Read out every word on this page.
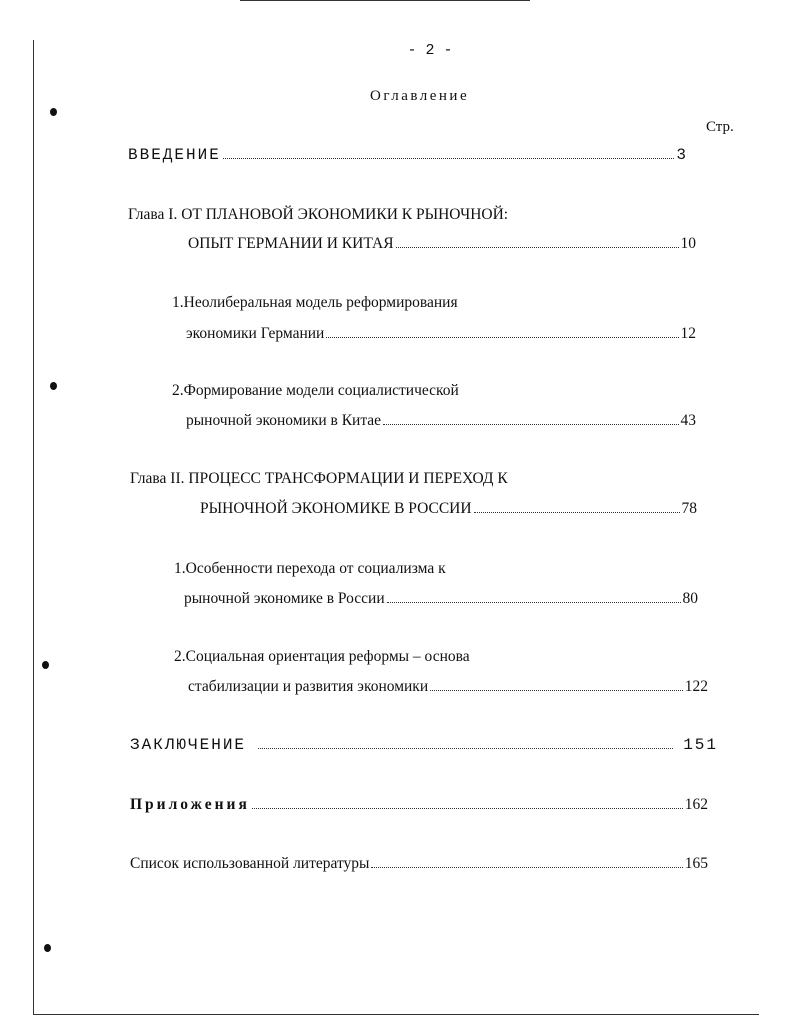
- 2 -
Оглавление
Стр.
ВВЕДЕНИЕ	3
Глава I. ОТ ПЛАНОВОЙ ЭКОНОМИКИ К РЫНОЧНОЙ:
ОПЫТ ГЕРМАНИИ И КИТАЯ	10
1.Неолиберальная модель реформирования
экономики Германии	12
2.Формирование модели социалистической
рыночной экономики в Китае	43
Глава II. ПРОЦЕСС ТРАНСФОРМАЦИИ И ПЕРЕХОД К
РЫНОЧНОЙ ЭКОНОМИКЕ В РОССИИ	78
1.Особенности перехода от социализма к
рыночной экономике в России	80
2.Социальная ориентация реформы – основа
стабилизации и развития экономики	122
ЗАКЛЮЧЕНИЕ	151
Приложения	162
Список использованной литературы	165
